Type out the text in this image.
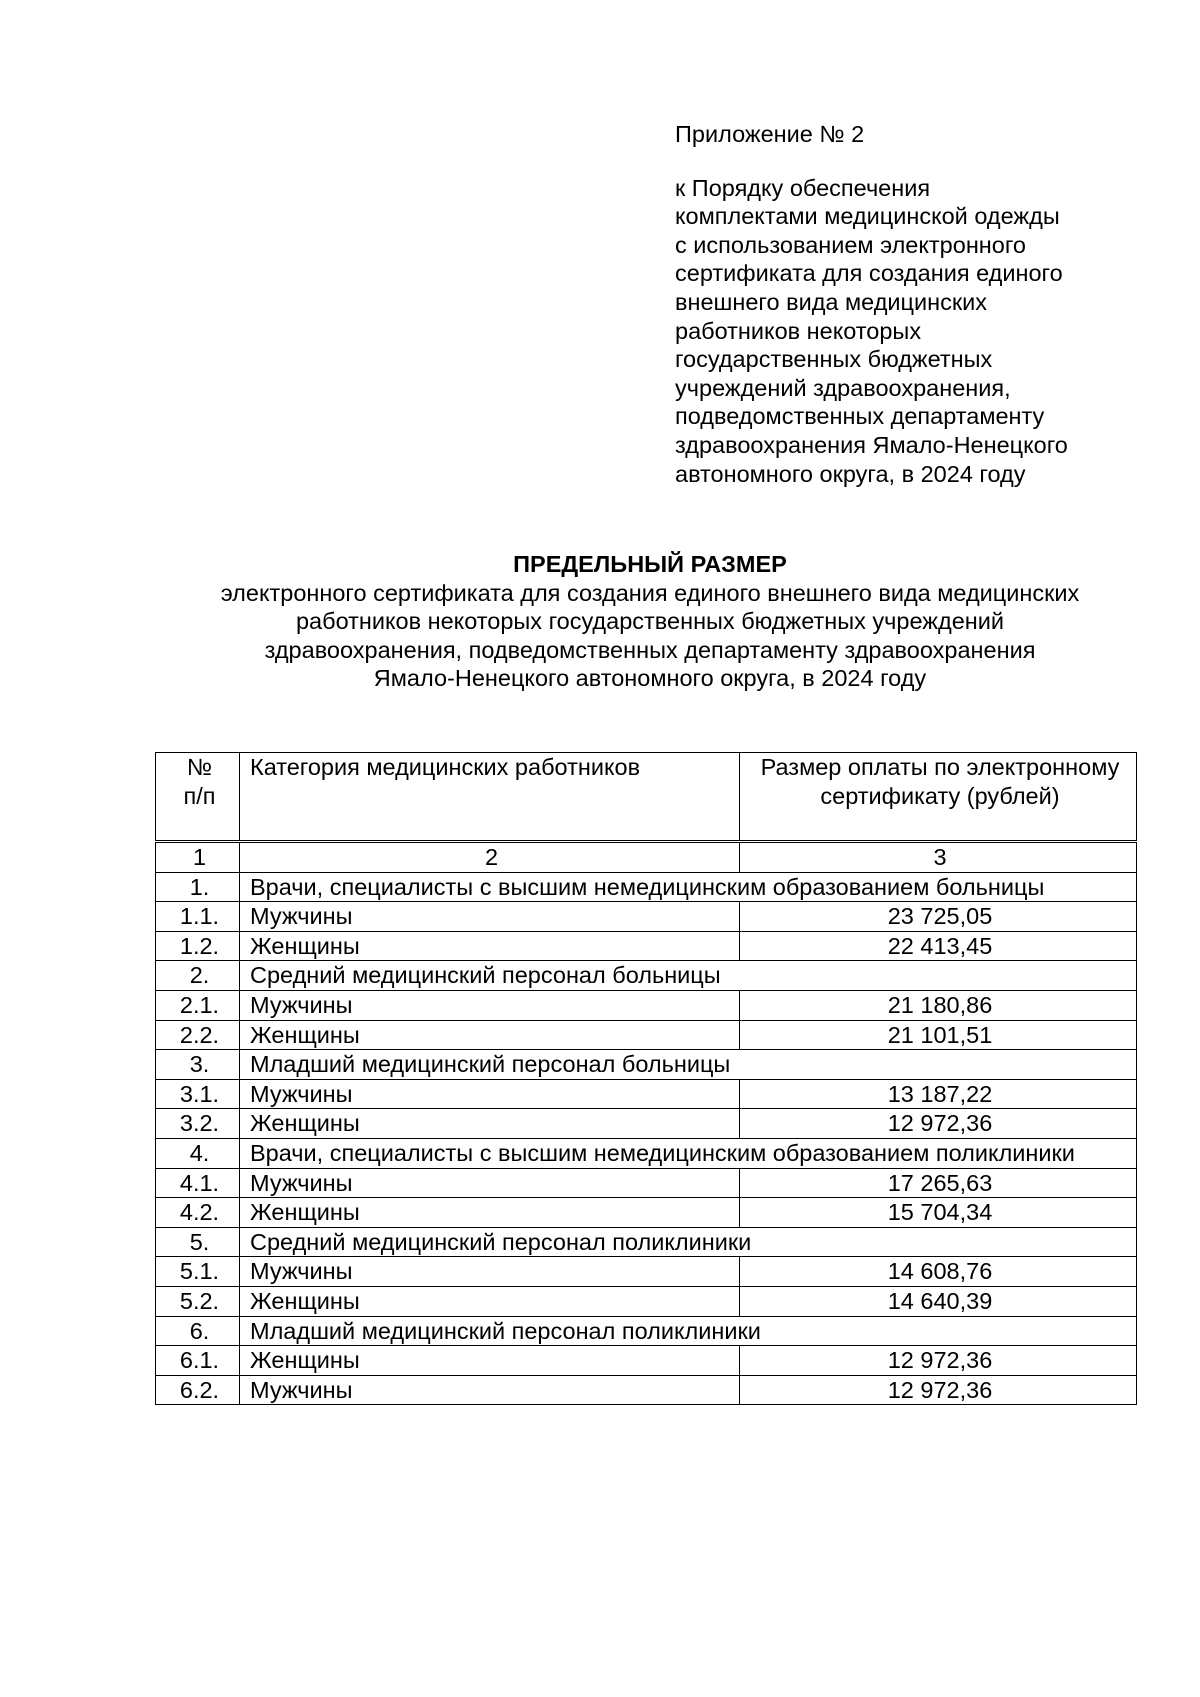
Приложение № 2

к Порядку обеспечения
комплектами медицинской одежды
с использованием электронного
сертификата для создания единого
внешнего вида медицинских
работников некоторых
государственных бюджетных
учреждений здравоохранения,
подведомственных департаменту
здравоохранения Ямало-Ненецкого
автономного округа, в 2024 году

ПРЕДЕЛЬНЫЙ РАЗМЕР
электронного сертификата для создания единого внешнего вида медицинских
работников некоторых государственных бюджетных учреждений
здравоохранения, подведомственных департаменту здравоохранения
Ямало-Ненецкого автономного округа, в 2024 году
№
п/п	Категория медицинских работников	Размер оплаты по электронному сертификату (рублей)
1	2	3
1.	Врачи, специалисты с высшим немедицинским образованием больницы	
1.1.	Мужчины	23 725,05
1.2.	Женщины	22 413,45
2.	Средний медицинский персонал больницы	
2.1.	Мужчины	21 180,86
2.2.	Женщины	21 101,51
3.	Младший медицинский персонал больницы	
3.1.	Мужчины	13 187,22
3.2.	Женщины	12 972,36
4.	Врачи, специалисты с высшим немедицинским образованием поликлиники	
4.1.	Мужчины	17 265,63
4.2.	Женщины	15 704,34
5.	Средний медицинский персонал поликлиники	
5.1.	Мужчины	14 608,76
5.2.	Женщины	14 640,39
6.	Младший медицинский персонал поликлиники	
6.1.	Женщины	12 972,36
6.2.	Мужчины	12 972,36
